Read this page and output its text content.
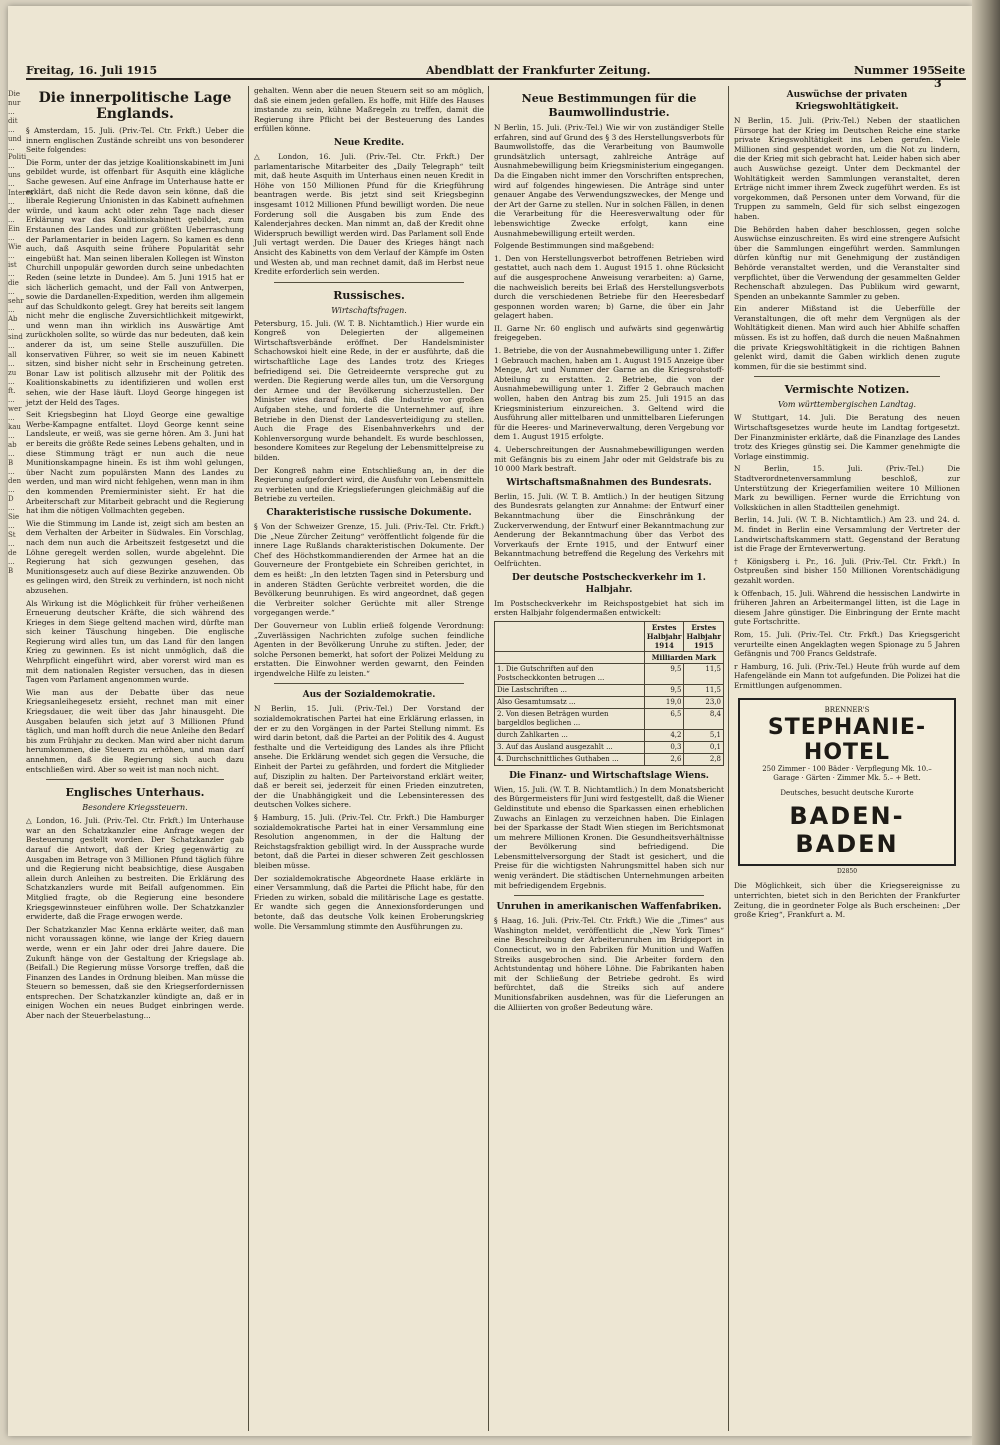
Die nur ... dit ... und ... Politi ... uns ... Interes ... der ... Ein ... Wie ... ist ... die ... sehr ... Ab ... sind ... all ... zu ... ft. ... wer ... kau ... ab ... B ... den ... D ... Sie ... St ... de ... B
Freitag, 16. Juli 1915	Abendblatt der Frankfurter Zeitung.	Nummer 195 Seite 3
Die innerpolitische Lage Englands.

§ Amsterdam, 15. Juli. (Priv.-Tel. Ctr. Frkft.) Ueber die innern englischen Zustände schreibt uns von besonderer Seite folgendes:

Die Form, unter der das jetzige Koalitionskabinett im Juni gebildet wurde, ist offenbart für Asquith eine klägliche Sache gewesen. Auf eine Anfrage im Unterhause hatte er erklärt, daß nicht die Rede davon sein könne, daß die liberale Regierung Unionisten in das Kabinett aufnehmen würde, und kaum acht oder zehn Tage nach dieser Erklärung war das Koalitionskabinett gebildet, zum Erstaunen des Landes und zur größten Ueberraschung der Parlamentarier in beiden Lagern. So kamen es denn auch, daß Asquith seine frühere Popularität sehr eingebüßt hat. Man seinen liberalen Kollegen ist Winston Churchill unpopulär geworden durch seine unbedachten Reden (seine letzte in Dundee). Am 5. Juni 1915 hat er sich lächerlich gemacht, und der Fall von Antwerpen, sowie die Dardanellen-Expedition, werden ihm allgemein auf das Schuldkonto gelegt. Grey hat bereits seit langem nicht mehr die englische Zuversichtlichkeit mitgewirkt, und wenn man ihn wirklich ins Auswärtige Amt zurückholen sollte, so würde das nur bedeuten, daß kein anderer da ist, um seine Stelle auszufüllen. Die konservativen Führer, so weit sie im neuen Kabinett sitzen, sind bisher nicht sehr in Erscheinung getreten. Bonar Law ist politisch allzusehr mit der Politik des Koalitionskabinetts zu identifizieren und wollen erst sehen, wie der Hase läuft. Lloyd George hingegen ist jetzt der Held des Tages.

Seit Kriegsbeginn hat Lloyd George eine gewaltige Werbe-Kampagne entfaltet. Lloyd George kennt seine Landsleute, er weiß, was sie gerne hören. Am 3. Juni hat er bereits die größte Rede seines Lebens gehalten, und in diese Stimmung trägt er nun auch die neue Munitionskampagne hinein. Es ist ihm wohl gelungen, über Nacht zum populärsten Mann des Landes zu werden, und man wird nicht fehlgehen, wenn man in ihm den kommenden Premierminister sieht. Er hat die Arbeiterschaft zur Mitarbeit gebracht und die Regierung hat ihm die nötigen Vollmachten gegeben.

Wie die Stimmung im Lande ist, zeigt sich am besten an dem Verhalten der Arbeiter in Südwales. Ein Vorschlag, nach dem nun auch die Arbeitszeit festgesetzt und die Löhne geregelt werden sollen, wurde abgelehnt. Die Regierung hat sich gezwungen gesehen, das Munitionsgesetz auch auf diese Bezirke anzuwenden. Ob es gelingen wird, den Streik zu verhindern, ist noch nicht abzusehen.

Als Wirkung ist die Möglichkeit für früher verheißenen Erneuerung deutscher Kräfte, die sich während des Krieges in dem Siege geltend machen wird, dürfte man sich keiner Täuschung hingeben. Die englische Regierung wird alles tun, um das Land für den langen Krieg zu gewinnen. Es ist nicht unmöglich, daß die Wehrpflicht eingeführt wird, aber vorerst wird man es mit dem nationalen Register versuchen, das in diesen Tagen vom Parlament angenommen wurde.

Wie man aus der Debatte über das neue Kriegsanleihegesetz ersieht, rechnet man mit einer Kriegsdauer, die weit über das Jahr hinausgeht. Die Ausgaben belaufen sich jetzt auf 3 Millionen Pfund täglich, und man hofft durch die neue Anleihe den Bedarf bis zum Frühjahr zu decken. Man wird aber nicht darum herumkommen, die Steuern zu erhöhen, und man darf annehmen, daß die Regierung sich auch dazu entschließen wird. Aber so weit ist man noch nicht.

Englisches Unterhaus.
Besondere Kriegssteuern.

△ London, 16. Juli. (Priv.-Tel. Ctr. Frkft.) Im Unterhause war an den Schatzkanzler eine Anfrage wegen der Besteuerung gestellt worden. Der Schatzkanzler gab darauf die Antwort, daß der Krieg gegenwärtig zu Ausgaben im Betrage von 3 Millionen Pfund täglich führe und die Regierung nicht beabsichtige, diese Ausgaben allein durch Anleihen zu bestreiten. Die Erklärung des Schatzkanzlers wurde mit Beifall aufgenommen. Ein Mitglied fragte, ob die Regierung eine besondere Kriegsgewinnsteuer einführen wolle. Der Schatzkanzler erwiderte, daß die Frage erwogen werde.

Der Schatzkanzler Mac Kenna erklärte weiter, daß man nicht voraussagen könne, wie lange der Krieg dauern werde, wenn er ein Jahr oder drei Jahre dauere. Die Zukunft hänge von der Gestaltung der Kriegslage ab. (Beifall.) Die Regierung müsse Vorsorge treffen, daß die Finanzen des Landes in Ordnung bleiben. Man müsse die Steuern so bemessen, daß sie den Kriegserfordernissen entsprechen. Der Schatzkanzler kündigte an, daß er in einigen Wochen ein neues Budget einbringen werde. Aber nach der Steuerbelastung...

gehalten. Wenn aber die neuen Steuern seit so am möglich, daß sie einem jeden gefallen. Es hoffe, mit Hilfe des Hauses imstande zu sein, kühne Maßregeln zu treffen, damit die Regierung ihre Pflicht bei der Besteuerung des Landes erfüllen könne.

Neue Kredite.

△ London, 16. Juli. (Priv.-Tel. Ctr. Frkft.) Der parlamentarische Mitarbeiter des „Daily Telegraph“ teilt mit, daß heute Asquith im Unterhaus einen neuen Kredit in Höhe von 150 Millionen Pfund für die Kriegführung beantragen werde. Bis jetzt sind seit Kriegsbeginn insgesamt 1012 Millionen Pfund bewilligt worden. Die neue Forderung soll die Ausgaben bis zum Ende des Kalenderjahres decken. Man nimmt an, daß der Kredit ohne Widerspruch bewilligt werden wird. Das Parlament soll Ende Juli vertagt werden. Die Dauer des Krieges hängt nach Ansicht des Kabinetts von dem Verlauf der Kämpfe im Osten und Westen ab, und man rechnet damit, daß im Herbst neue Kredite erforderlich sein werden.

Russisches.
Wirtschaftsfragen.

Petersburg, 15. Juli. (W. T. B. Nichtamtlich.) Hier wurde ein Kongreß von Delegierten der allgemeinen Wirtschaftsverbände eröffnet. Der Handelsminister Schachowskoi hielt eine Rede, in der er ausführte, daß die wirtschaftliche Lage des Landes trotz des Krieges befriedigend sei. Die Getreideernte verspreche gut zu werden. Die Regierung werde alles tun, um die Versorgung der Armee und der Bevölkerung sicherzustellen. Der Minister wies darauf hin, daß die Industrie vor großen Aufgaben stehe, und forderte die Unternehmer auf, ihre Betriebe in den Dienst der Landesverteidigung zu stellen. Auch die Frage des Eisenbahnverkehrs und der Kohlenversorgung wurde behandelt. Es wurde beschlossen, besondere Komitees zur Regelung der Lebensmittelpreise zu bilden.

Der Kongreß nahm eine Entschließung an, in der die Regierung aufgefordert wird, die Ausfuhr von Lebensmitteln zu verbieten und die Kriegslieferungen gleichmäßig auf die Betriebe zu verteilen.

Charakteristische russische Dokumente.

§ Von der Schweizer Grenze, 15. Juli. (Priv.-Tel. Ctr. Frkft.) Die „Neue Zürcher Zeitung“ veröffentlicht folgende für die innere Lage Rußlands charakteristischen Dokumente. Der Chef des Höchstkommandierenden der Armee hat an die Gouverneure der Frontgebiete ein Schreiben gerichtet, in dem es heißt: „In den letzten Tagen sind in Petersburg und in anderen Städten Gerüchte verbreitet worden, die die Bevölkerung beunruhigen. Es wird angeordnet, daß gegen die Verbreiter solcher Gerüchte mit aller Strenge vorgegangen werde.“

Der Gouverneur von Lublin erließ folgende Verordnung: „Zuverlässigen Nachrichten zufolge suchen feindliche Agenten in der Bevölkerung Unruhe zu stiften. Jeder, der solche Personen bemerkt, hat sofort der Polizei Meldung zu erstatten. Die Einwohner werden gewarnt, den Feinden irgendwelche Hilfe zu leisten.“

Aus der Sozialdemokratie.

N Berlin, 15. Juli. (Priv.-Tel.) Der Vorstand der sozialdemokratischen Partei hat eine Erklärung erlassen, in der er zu den Vorgängen in der Partei Stellung nimmt. Es wird darin betont, daß die Partei an der Politik des 4. August festhalte und die Verteidigung des Landes als ihre Pflicht ansehe. Die Erklärung wendet sich gegen die Versuche, die Einheit der Partei zu gefährden, und fordert die Mitglieder auf, Disziplin zu halten. Der Parteivorstand erklärt weiter, daß er bereit sei, jederzeit für einen Frieden einzutreten, der die Unabhängigkeit und die Lebensinteressen des deutschen Volkes sichere.

§ Hamburg, 15. Juli. (Priv.-Tel. Ctr. Frkft.) Die Hamburger sozialdemokratische Partei hat in einer Versammlung eine Resolution angenommen, in der die Haltung der Reichstagsfraktion gebilligt wird. In der Aussprache wurde betont, daß die Partei in dieser schweren Zeit geschlossen bleiben müsse.

Der sozialdemokratische Abgeordnete Haase erklärte in einer Versammlung, daß die Partei die Pflicht habe, für den Frieden zu wirken, sobald die militärische Lage es gestatte. Er wandte sich gegen die Annexionsforderungen und betonte, daß das deutsche Volk keinen Eroberungskrieg wolle. Die Versammlung stimmte den Ausführungen zu.

Neue Bestimmungen für die Baumwollindustrie.

N Berlin, 15. Juli. (Priv.-Tel.) Wie wir von zuständiger Stelle erfahren, sind auf Grund des § 3 des Herstellungsverbots für Baumwollstoffe, das die Verarbeitung von Baumwolle grundsätzlich untersagt, zahlreiche Anträge auf Ausnahmebewilligung beim Kriegsministerium eingegangen. Da die Eingaben nicht immer den Vorschriften entsprechen, wird auf folgendes hingewiesen. Die Anträge sind unter genauer Angabe des Verwendungszweckes, der Menge und der Art der Garne zu stellen. Nur in solchen Fällen, in denen die Verarbeitung für die Heeresverwaltung oder für lebenswichtige Zwecke erfolgt, kann eine Ausnahmebewilligung erteilt werden.

Folgende Bestimmungen sind maßgebend:

1. Den von Herstellungsverbot betroffenen Betrieben wird gestattet, auch nach dem 1. August 1915 1. ohne Rücksicht auf die ausgesprochene Anweisung verarbeiten: a) Garne, die nachweislich bereits bei Erlaß des Herstellungsverbots durch die verschiedenen Betriebe für den Heeresbedarf gesponnen worden waren; b) Garne, die über ein Jahr gelagert haben.

II. Garne Nr. 60 englisch und aufwärts sind gegenwärtig freigegeben.

1. Betriebe, die von der Ausnahmebewilligung unter 1. Ziffer 1 Gebrauch machen, haben am 1. August 1915 Anzeige über Menge, Art und Nummer der Garne an die Kriegsrohstoff-Abteilung zu erstatten. 2. Betriebe, die von der Ausnahmebewilligung unter 1. Ziffer 2 Gebrauch machen wollen, haben den Antrag bis zum 25. Juli 1915 an das Kriegsministerium einzureichen. 3. Geltend wird die Ausführung aller mittelbaren und unmittelbaren Lieferungen für die Heeres- und Marineverwaltung, deren Vergebung vor dem 1. August 1915 erfolgte.

4. Ueberschreitungen der Ausnahmebewilligungen werden mit Gefängnis bis zu einem Jahr oder mit Geldstrafe bis zu 10 000 Mark bestraft.

Wirtschaftsmaßnahmen des Bundesrats.

Berlin, 15. Juli. (W. T. B. Amtlich.) In der heutigen Sitzung des Bundesrats gelangten zur Annahme: der Entwurf einer Bekanntmachung über die Einschränkung der Zuckerverwendung, der Entwurf einer Bekanntmachung zur Aenderung der Bekanntmachung über das Verbot des Vorverkaufs der Ernte 1915, und der Entwurf einer Bekanntmachung betreffend die Regelung des Verkehrs mit Oelfrüchten.

Der deutsche Postscheckverkehr im 1. Halbjahr.

Im Postscheckverkehr im Reichspostgebiet hat sich im ersten Halbjahr folgendermaßen entwickelt:

	Erstes Halbjahr 1914	Erstes Halbjahr 1915
	Milliarden Mark	
1. Die Gutschriften auf den Postscheckkonten betrugen ...	9,5	11,5
Die Lastschriften ...	9,5	11,5
Also Gesamtumsatz ...	19,0	23,0
2. Von diesen Beträgen wurden bargeldlos beglichen ...	6,5	8,4
durch Zahlkarten ...	4,2	5,1
3. Auf das Ausland ausgezahlt ...	0,3	0,1
4. Durchschnittliches Guthaben ...	2,6	2,8
Die Finanz- und Wirtschaftslage Wiens.

Wien, 15. Juli. (W. T. B. Nichtamtlich.) In dem Monatsbericht des Bürgermeisters für Juni wird festgestellt, daß die Wiener Geldinstitute und ebenso die Sparkassen einen erheblichen Zuwachs an Einlagen zu verzeichnen haben. Die Einlagen bei der Sparkasse der Stadt Wien stiegen im Berichtsmonat um mehrere Millionen Kronen. Die Gesundheitsverhältnisse der Bevölkerung sind befriedigend. Die Lebensmittelversorgung der Stadt ist gesichert, und die Preise für die wichtigsten Nahrungsmittel haben sich nur wenig verändert. Die städtischen Unternehmungen arbeiten mit befriedigendem Ergebnis.

Unruhen in amerikanischen Waffenfabriken.

§ Haag, 16. Juli. (Priv.-Tel. Ctr. Frkft.) Wie die „Times“ aus Washington meldet, veröffentlicht die „New York Times“ eine Beschreibung der Arbeiterunruhen im Bridgeport in Connecticut, wo in den Fabriken für Munition und Waffen Streiks ausgebrochen sind. Die Arbeiter fordern den Achtstundentag und höhere Löhne. Die Fabrikanten haben mit der Schließung der Betriebe gedroht. Es wird befürchtet, daß die Streiks sich auf andere Munitionsfabriken ausdehnen, was für die Lieferungen an die Alliierten von großer Bedeutung wäre.

Auswüchse der privaten Kriegswohltätigkeit.

N Berlin, 15. Juli. (Priv.-Tel.) Neben der staatlichen Fürsorge hat der Krieg im Deutschen Reiche eine starke private Kriegswohltätigkeit ins Leben gerufen. Viele Millionen sind gespendet worden, um die Not zu lindern, die der Krieg mit sich gebracht hat. Leider haben sich aber auch Auswüchse gezeigt. Unter dem Deckmantel der Wohltätigkeit werden Sammlungen veranstaltet, deren Erträge nicht immer ihrem Zweck zugeführt werden. Es ist vorgekommen, daß Personen unter dem Vorwand, für die Truppen zu sammeln, Geld für sich selbst eingezogen haben.

Die Behörden haben daher beschlossen, gegen solche Auswüchse einzuschreiten. Es wird eine strengere Aufsicht über die Sammlungen eingeführt werden. Sammlungen dürfen künftig nur mit Genehmigung der zuständigen Behörde veranstaltet werden, und die Veranstalter sind verpflichtet, über die Verwendung der gesammelten Gelder Rechenschaft abzulegen. Das Publikum wird gewarnt, Spenden an unbekannte Sammler zu geben.

Ein anderer Mißstand ist die Ueberfülle der Veranstaltungen, die oft mehr dem Vergnügen als der Wohltätigkeit dienen. Man wird auch hier Abhilfe schaffen müssen. Es ist zu hoffen, daß durch die neuen Maßnahmen die private Kriegswohltätigkeit in die richtigen Bahnen gelenkt wird, damit die Gaben wirklich denen zugute kommen, für die sie bestimmt sind.

Vermischte Notizen.
Vom württembergischen Landtag.

W Stuttgart, 14. Juli. Die Beratung des neuen Wirtschaftsgesetzes wurde heute im Landtag fortgesetzt. Der Finanzminister erklärte, daß die Finanzlage des Landes trotz des Krieges günstig sei. Die Kammer genehmigte die Vorlage einstimmig.

N Berlin, 15. Juli. (Priv.-Tel.) Die Stadtverordnetenversammlung beschloß, zur Unterstützung der Kriegerfamilien weitere 10 Millionen Mark zu bewilligen. Ferner wurde die Errichtung von Volksküchen in allen Stadtteilen genehmigt.

Berlin, 14. Juli. (W. T. B. Nichtamtlich.) Am 23. und 24. d. M. findet in Berlin eine Versammlung der Vertreter der Landwirtschaftskammern statt. Gegenstand der Beratung ist die Frage der Ernteverwertung.

† Königsberg i. Pr., 16. Juli. (Priv.-Tel. Ctr. Frkft.) In Ostpreußen sind bisher 150 Millionen Vorentschädigung gezahlt worden.

k Offenbach, 15. Juli. Während die hessischen Landwirte in früheren Jahren an Arbeitermangel litten, ist die Lage in diesem Jahre günstiger. Die Einbringung der Ernte macht gute Fortschritte.

Rom, 15. Juli. (Priv.-Tel. Ctr. Frkft.) Das Kriegsgericht verurteilte einen Angeklagten wegen Spionage zu 5 Jahren Gefängnis und 700 Francs Geldstrafe.

r Hamburg, 16. Juli. (Priv.-Tel.) Heute früh wurde auf dem Hafengelände ein Mann tot aufgefunden. Die Polizei hat die Ermittlungen aufgenommen.

BRENNER'S
STEPHANIE-HOTEL
250 Zimmer · 100 Bäder · Verpflegung Mk. 10.–
Garage · Gärten · Zimmer Mk. 5.– + Bett.
Deutsches, besucht deutsche Kurorte
BADEN-BADEN
D2850

Die Möglichkeit, sich über die Kriegsereignisse zu unterrichten, bietet sich in den Berichten der Frankfurter Zeitung, die in geordneter Folge als Buch erscheinen: „Der große Krieg“, Frankfurt a. M.
